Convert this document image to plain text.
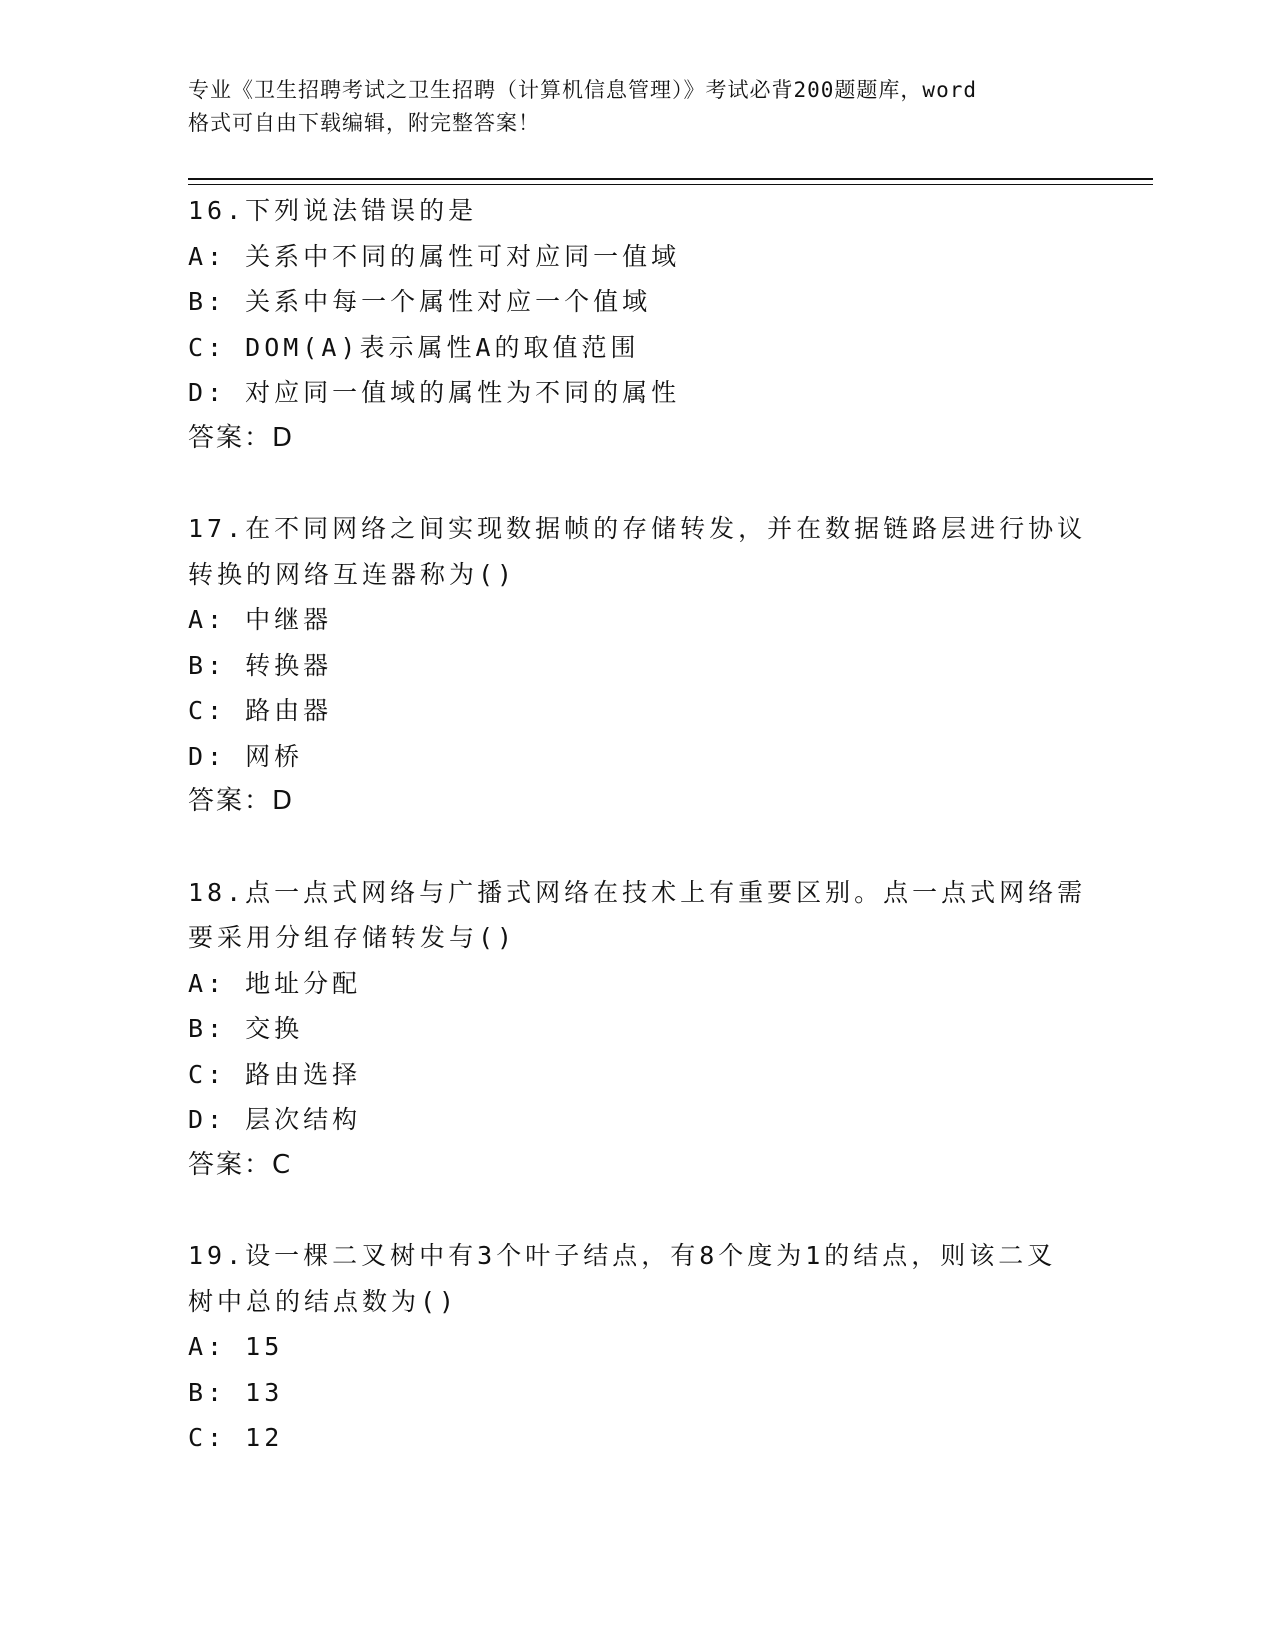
专业《卫生招聘考试之卫生招聘（计算机信息管理）》考试必背200题题库，word
格式可自由下载编辑，附完整答案！

16.下列说法错误的是

A: 关系中不同的属性可对应同一值域

B: 关系中每一个属性对应一个值域

C: DOM(A)表示属性A的取值范围

D: 对应同一值域的属性为不同的属性

答案：D

17.在不同网络之间实现数据帧的存储转发，并在数据链路层进行协议

转换的网络互连器称为()

A: 中继器

B: 转换器

C: 路由器

D: 网桥

答案：D

18.点一点式网络与广播式网络在技术上有重要区别。点一点式网络需

要采用分组存储转发与()

A: 地址分配

B: 交换

C: 路由选择

D: 层次结构

答案：C

19.设一棵二叉树中有3个叶子结点，有8个度为1的结点，则该二叉

树中总的结点数为()

A: 15

B: 13

C: 12
